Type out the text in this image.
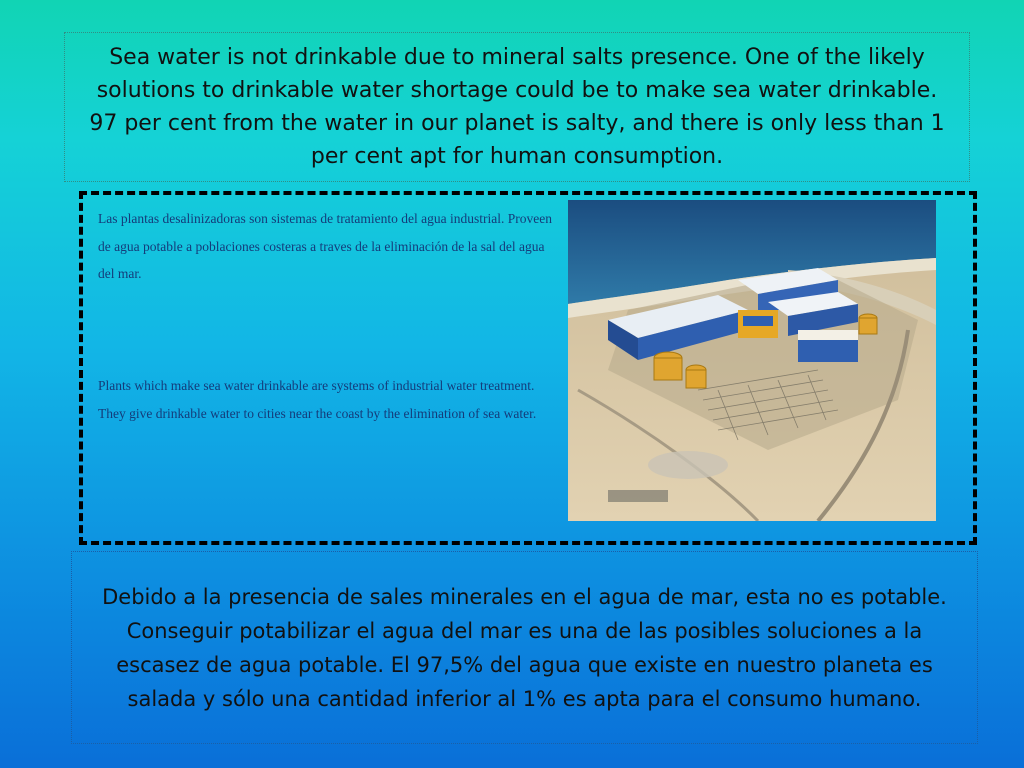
Sea water is not drinkable due to mineral salts presence. One of the likely solutions to drinkable water shortage could be to make sea water drinkable. 97 per cent from the water in our planet is salty, and there is only less than 1 per cent apt for human consumption.

Las plantas desalinizadoras son sistemas de tratamiento del agua industrial. Proveen de agua potable a poblaciones costeras a traves de la eliminación de la sal del agua del mar.

Plants which make sea water drinkable are systems of industrial water treatment. They give drinkable water to cities near the coast by the elimination of sea water.

Debido a la presencia de sales minerales en el agua de mar, esta no es potable. Conseguir potabilizar el agua del mar es una de las posibles soluciones a la escasez de agua potable. El 97,5% del agua que existe en nuestro planeta es salada y sólo una cantidad inferior al 1% es apta para el consumo humano.
